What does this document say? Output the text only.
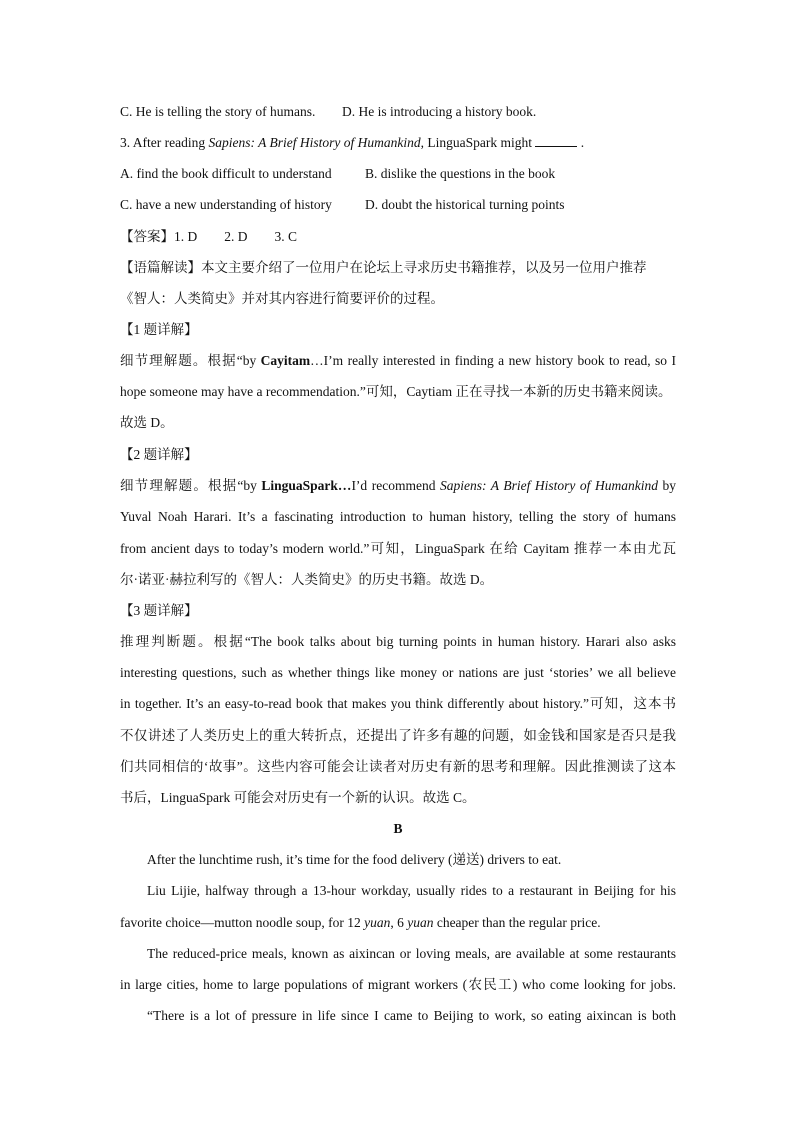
C. He is telling the story of humans. D. He is introducing a history book.
3. After reading Sapiens: A Brief History of Humankind, LinguaSpark might	.
A. find the book difficult to understand B. dislike the questions in the book
C. have a new understanding of history D. doubt the historical turning points
【答案】1. D        2. D        3. C
【语篇解读】本文主要介绍了一位用户在论坛上寻求历史书籍推荐，以及另一位用户推荐
《智人：人类简史》并对其内容进行简要评价的过程。
【1 题详解】
细节理解题。根据“by Cayitam…I’m really interested in finding a new history book to read, so I
hope someone may have a recommendation.”可知，Caytiam 正在寻找一本新的历史书籍来阅读。
故选 D。
【2 题详解】
细节理解题。根据“by LinguaSpark…I’d recommend Sapiens: A Brief History of Humankind by
Yuval Noah Harari. It’s a fascinating introduction to human history, telling the story of humans
from ancient days to today’s modern world.”可知，LinguaSpark 在给 Cayitam 推荐一本由尤瓦
尔·诺亚·赫拉利写的《智人：人类简史》的历史书籍。故选 D。
【3 题详解】
推理判断题。根据“The book talks about big turning points in human history. Harari also asks
interesting questions, such as whether things like money or nations are just ‘stories’ we all believe
in together. It’s an easy-to-read book that makes you think differently about history.”可知，这本书
不仅讲述了人类历史上的重大转折点，还提出了许多有趣的问题，如金钱和国家是否只是我
们共同相信的‘故事”。这些内容可能会让读者对历史有新的思考和理解。因此推测读了这本
书后，LinguaSpark 可能会对历史有一个新的认识。故选 C。
B
After the lunchtime rush, it’s time for the food delivery (递送) drivers to eat.
Liu Lijie, halfway through a 13-hour workday, usually rides to a restaurant in Beijing for his
favorite choice—mutton noodle soup, for 12 yuan, 6 yuan cheaper than the regular price.
The reduced-price meals, known as aixincan or loving meals, are available at some restaurants
in large cities, home to large populations of migrant workers (农民工) who come looking for jobs.
“There is a lot of pressure in life since I came to Beijing to work, so eating aixincan is both
